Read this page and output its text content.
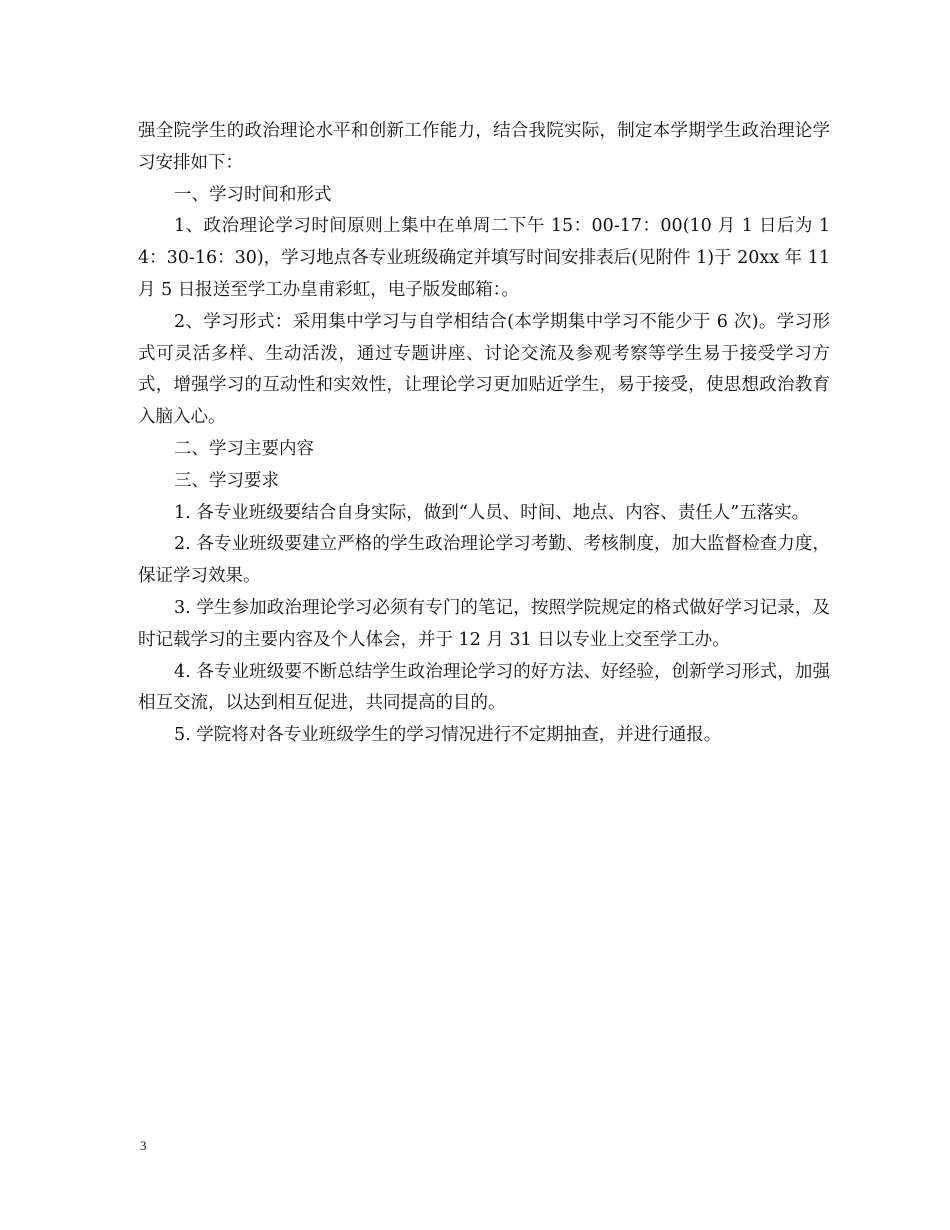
强全院学生的政治理论水平和创新工作能力，结合我院实际，制定本学期学生政治理论学习安排如下：

一、学习时间和形式

1、政治理论学习时间原则上集中在单周二下午 15：00-17：00(10 月 1 日后为 14：30-16：30)，学习地点各专业班级确定并填写时间安排表后(见附件 1)于 20xx 年 11 月 5 日报送至学工办皇甫彩虹，电子版发邮箱：。

2、学习形式：采用集中学习与自学相结合(本学期集中学习不能少于 6 次)。学习形式可灵活多样、生动活泼，通过专题讲座、讨论交流及参观考察等学生易于接受学习方式，增强学习的互动性和实效性，让理论学习更加贴近学生，易于接受，使思想政治教育入脑入心。

二、学习主要内容

三、学习要求

1. 各专业班级要结合自身实际，做到“人员、时间、地点、内容、责任人”五落实。

2. 各专业班级要建立严格的学生政治理论学习考勤、考核制度，加大监督检查力度，保证学习效果。

3. 学生参加政治理论学习必须有专门的笔记，按照学院规定的格式做好学习记录，及时记载学习的主要内容及个人体会，并于 12 月 31 日以专业上交至学工办。

4. 各专业班级要不断总结学生政治理论学习的好方法、好经验，创新学习形式，加强相互交流，以达到相互促进，共同提高的目的。

5. 学院将对各专业班级学生的学习情况进行不定期抽查，并进行通报。

3
